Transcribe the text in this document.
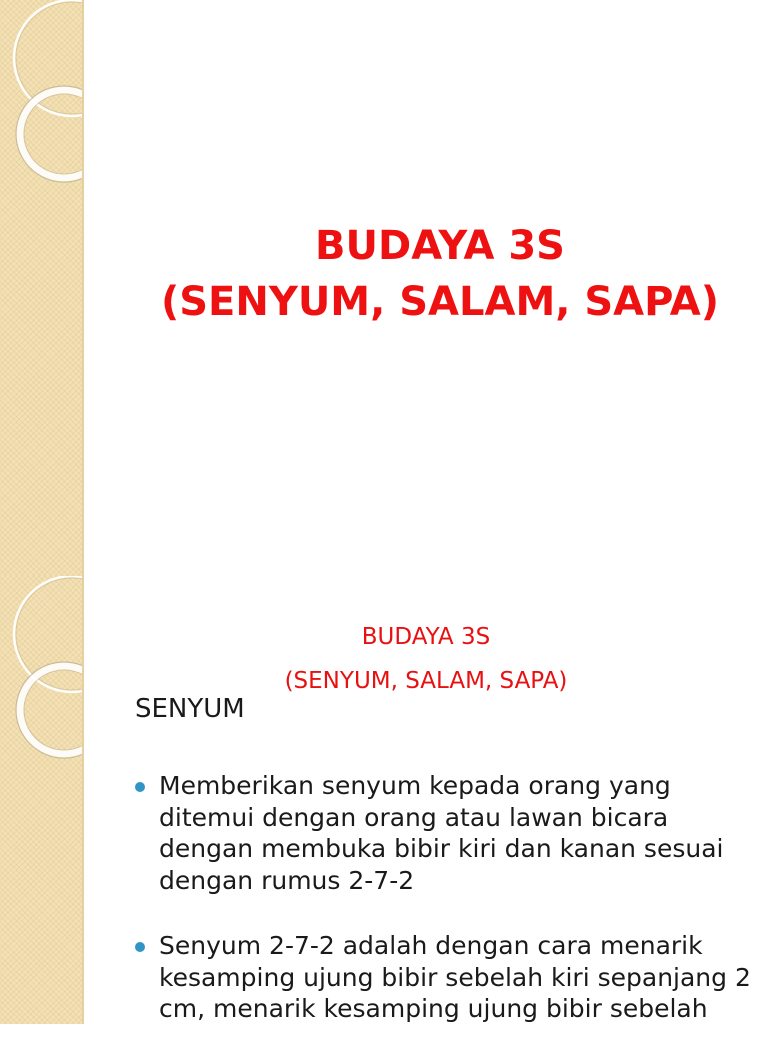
BUDAYA 3S
(SENYUM, SALAM, SAPA)
BUDAYA 3S
(SENYUM, SALAM, SAPA)
SENYUM
Memberikan senyum kepada orang yang ditemui dengan orang atau lawan bicara dengan membuka bibir kiri dan kanan sesuai dengan rumus 2-7-2
Senyum 2-7-2 adalah dengan cara menarik kesamping ujung bibir sebelah kiri sepanjang 2 cm, menarik kesamping ujung bibir sebelah
